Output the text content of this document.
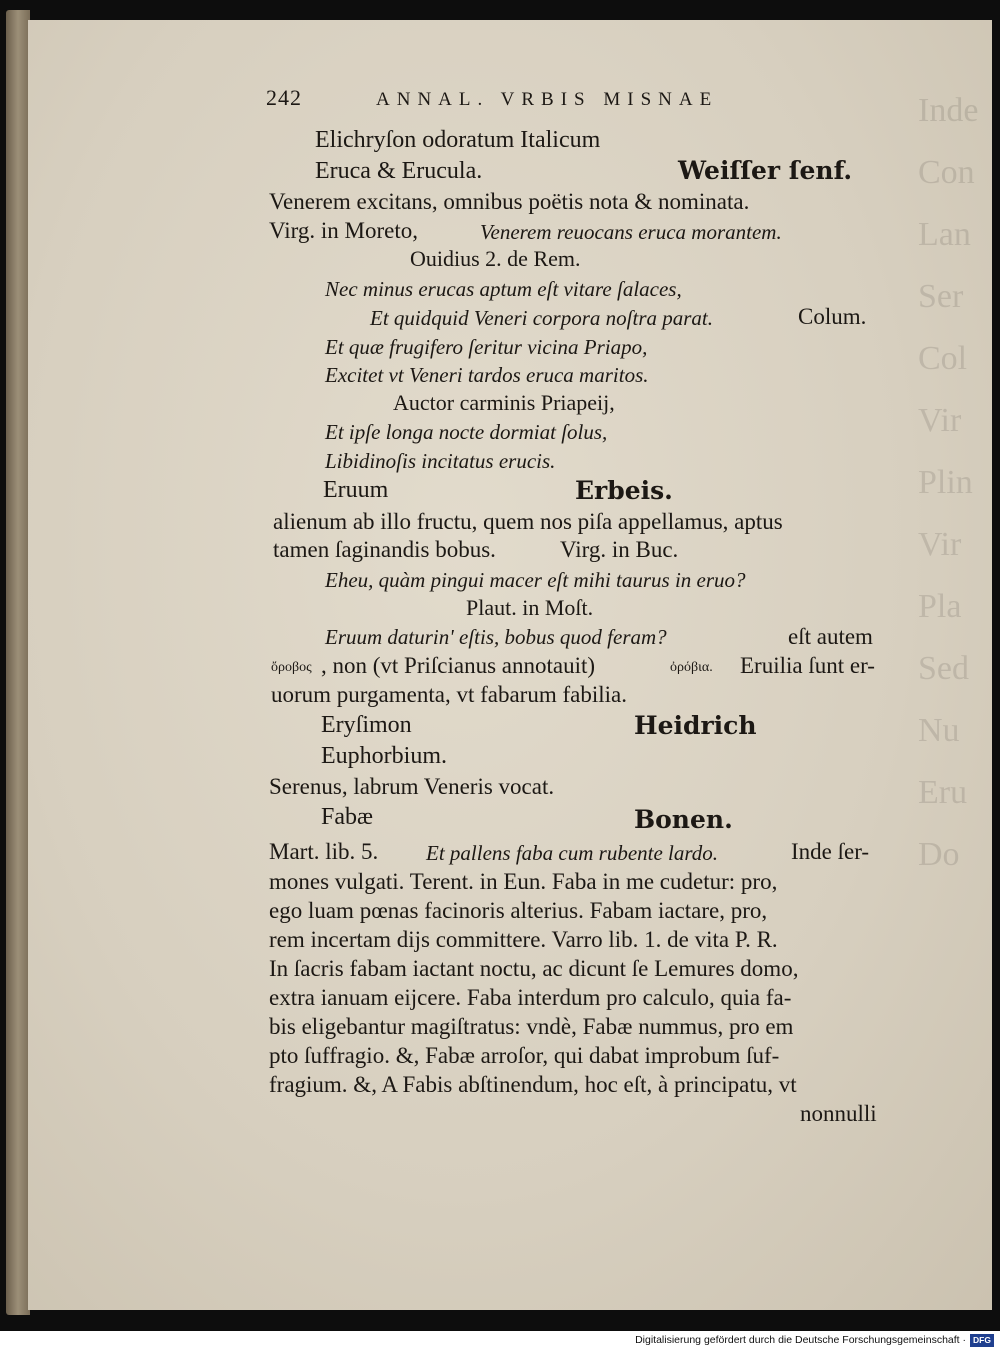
Inde
Con
Lan
Ser
Col
Vir
Plin
Vir
Pla
Sed
Nu
Eru
Do
242	ANNAL. VRBIS MISNAE
Elichryſon odoratum Italicum
Eruca & Erucula.	Weiſſer ſenf.
Venerem excitans, omnibus poëtis nota & nominata.
Virg. in Moreto,	Venerem reuocans eruca morantem.
Ouidius 2. de Rem.
Nec minus erucas aptum eſt vitare ſalaces,
Et quidquid Veneri corpora noſtra parat.	Colum.
Et quæ frugifero ſeritur vicina Priapo,
Excitet vt Veneri tardos eruca maritos.
Auctor carminis Priapeij,
Et ipſe longa nocte dormiat ſolus,
Libidinoſis incitatus erucis.
Eruum	Erbeis.
alienum ab illo fructu, quem nos piſa appellamus, aptus
tamen ſaginandis bobus.	Virg. in Buc.
Eheu, quàm pingui macer eſt mihi taurus in eruo?
Plaut. in Moſt.
Eruum daturin' eſtis, bobus quod feram?	eſt autem
ὄροβος , non (vt Priſcianus annotauit)	ὀρόβια. Eruilia ſunt er-
uorum purgamenta, vt fabarum fabilia.
Eryſimon	Heidrich
Euphorbium.
Serenus, labrum Veneris vocat.
Fabæ	Bonen.
Mart. lib. 5. Et pallens faba cum rubente lardo.	Inde ſer-
mones vulgati. Terent. in Eun. Faba in me cudetur: pro,
ego luam pœnas facinoris alterius. Fabam iactare, pro,
rem incertam dijs committere. Varro lib. 1. de vita P. R.
In ſacris fabam iactant noctu, ac dicunt ſe Lemures domo,
extra ianuam eijcere. Faba interdum pro calculo, quia fa-
bis eligebantur magiſtratus: vndè, Fabæ nummus, pro em
pto ſuffragio. &, Fabæ arroſor, qui dabat improbum ſuf-
fragium. &, A Fabis abſtinendum, hoc eſt, à principatu, vt
nonnulli
Digitalisierung gefördert durch die Deutsche Forschungsgemeinschaft · DFG
